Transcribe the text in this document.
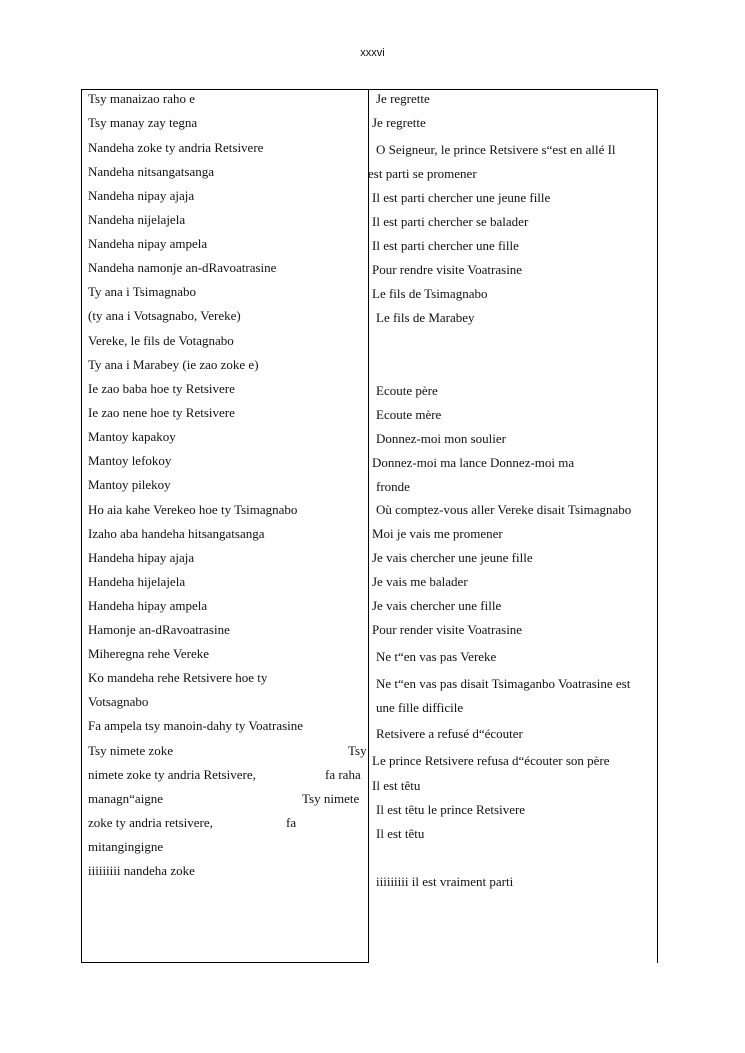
xxxvi
Tsy manaizao raho e
Tsy manay zay tegna
Nandeha zoke ty andria Retsivere
Nandeha nitsangatsanga
Nandeha nipay ajaja
Nandeha nijelajela
Nandeha nipay ampela
Nandeha namonje an-dRavoatrasine
Ty ana i Tsimagnabo
(ty ana i Votsagnabo, Vereke)
Vereke, le fils de Votagnabo
Ty ana i Marabey (ie zao zoke e)
Ie zao baba hoe ty Retsivere
Ie zao nene hoe ty Retsivere
Mantoy kapakoy
Mantoy lefokoy
Mantoy pilekoy
Ho aia kahe Verekeo hoe ty Tsimagnabo
Izaho aba handeha hitsangatsanga
Handeha hipay ajaja
Handeha hijelajela
Handeha hipay ampela
Hamonje an-dRavoatrasine
Miheregna rehe Vereke
Ko mandeha rehe Retsivere hoe ty
Votsagnabo
Fa ampela tsy manoin-dahy ty Voatrasine
Tsy nimete zoke	Tsy
nimete zoke ty andria Retsivere,	fa raha
managn“aigne	Tsy nimete
zoke ty andria retsivere,	fa
mitangingigne
iiiiiiiii nandeha zoke
Je regrette
Je regrette
O Seigneur, le prince Retsivere s“est en allé Il
est parti se promener
Il est parti chercher une jeune fille
Il est parti chercher se balader
Il est parti chercher une fille
Pour rendre visite Voatrasine
Le fils de Tsimagnabo
Le fils de Marabey
Ecoute père
Ecoute mère
Donnez-moi mon soulier
Donnez-moi ma lance Donnez-moi ma
fronde
Où comptez-vous aller Vereke disait Tsimagnabo
Moi je vais me promener
Je vais chercher une jeune fille
Je vais me balader
Je vais chercher une fille
Pour render visite Voatrasine
Ne t“en vas pas Vereke
Ne t“en vas pas disait Tsimaganbo Voatrasine est
une fille difficile
Retsivere a refusé d“écouter
Le prince Retsivere refusa d“écouter son père
Il est têtu
Il est têtu le prince Retsivere
Il est têtu
iiiiiiiii il est vraiment parti
